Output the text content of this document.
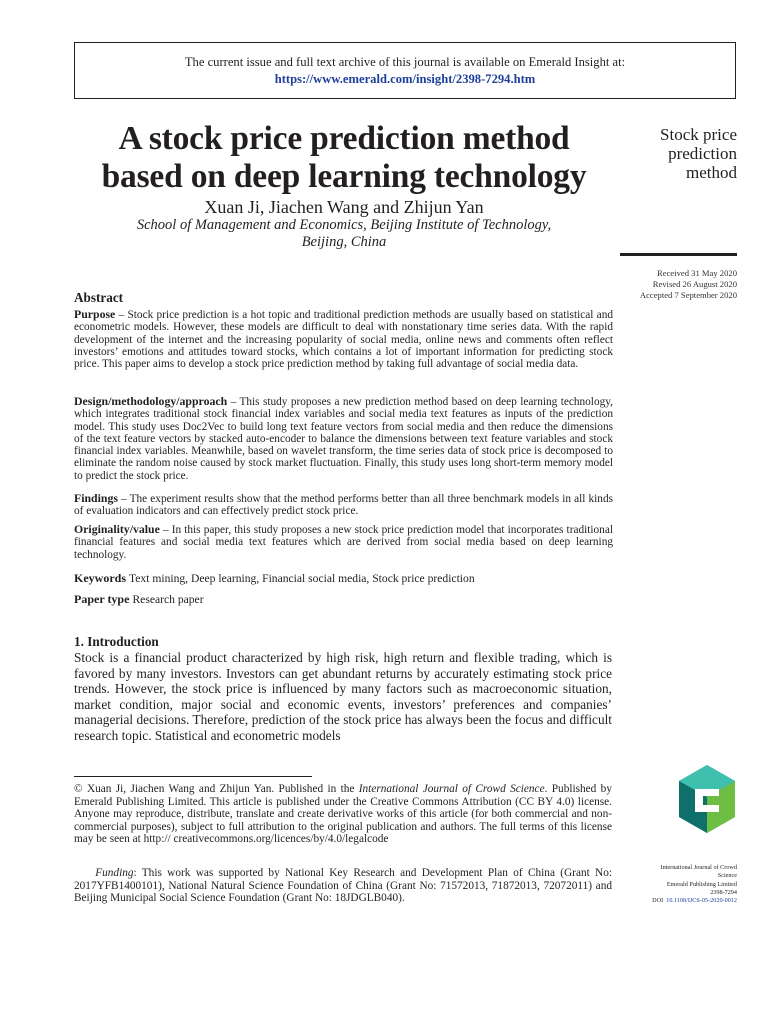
The current issue and full text archive of this journal is available on Emerald Insight at:
https://www.emerald.com/insight/2398-7294.htm
A stock price prediction method based on deep learning technology
Xuan Ji, Jiachen Wang and Zhijun Yan
School of Management and Economics, Beijing Institute of Technology,
Beijing, China
Stock price
prediction
method
Received 31 May 2020
Revised 26 August 2020
Accepted 7 September 2020
Abstract
Purpose – Stock price prediction is a hot topic and traditional prediction methods are usually based on statistical and econometric models. However, these models are difficult to deal with nonstationary time series data. With the rapid development of the internet and the increasing popularity of social media, online news and comments often reflect investors’ emotions and attitudes toward stocks, which contains a lot of important information for predicting stock price. This paper aims to develop a stock price prediction method by taking full advantage of social media data.
Design/methodology/approach – This study proposes a new prediction method based on deep learning technology, which integrates traditional stock financial index variables and social media text features as inputs of the prediction model. This study uses Doc2Vec to build long text feature vectors from social media and then reduce the dimensions of the text feature vectors by stacked auto-encoder to balance the dimensions between text feature variables and stock financial index variables. Meanwhile, based on wavelet transform, the time series data of stock price is decomposed to eliminate the random noise caused by stock market fluctuation. Finally, this study uses long short-term memory model to predict the stock price.
Findings – The experiment results show that the method performs better than all three benchmark models in all kinds of evaluation indicators and can effectively predict stock price.
Originality/value – In this paper, this study proposes a new stock price prediction model that incorporates traditional financial features and social media text features which are derived from social media based on deep learning technology.
Keywords Text mining, Deep learning, Financial social media, Stock price prediction
Paper type Research paper
1. Introduction
Stock is a financial product characterized by high risk, high return and flexible trading, which is favored by many investors. Investors can get abundant returns by accurately estimating stock price trends. However, the stock price is influenced by many factors such as macroeconomic situation, market condition, major social and economic events, investors’ preferences and companies’ managerial decisions. Therefore, prediction of the stock price has always been the focus and difficult research topic. Statistical and econometric models
© Xuan Ji, Jiachen Wang and Zhijun Yan. Published in the International Journal of Crowd Science. Published by Emerald Publishing Limited. This article is published under the Creative Commons Attribution (CC BY 4.0) license. Anyone may reproduce, distribute, translate and create derivative works of this article (for both commercial and non-commercial purposes), subject to full attribution to the original publication and authors. The full terms of this license may be seen at http:// creativecommons.org/licences/by/4.0/legalcode
Funding: This work was supported by National Key Research and Development Plan of China (Grant No: 2017YFB1400101), National Natural Science Foundation of China (Grant No: 71572013, 71872013, 72072011) and Beijing Municipal Social Science Foundation (Grant No: 18JDGLB040).
International Journal of Crowd
Science
Emerald Publishing Limited
2398-7294
DOI 10.1108/IJCS-05-2020-0012
